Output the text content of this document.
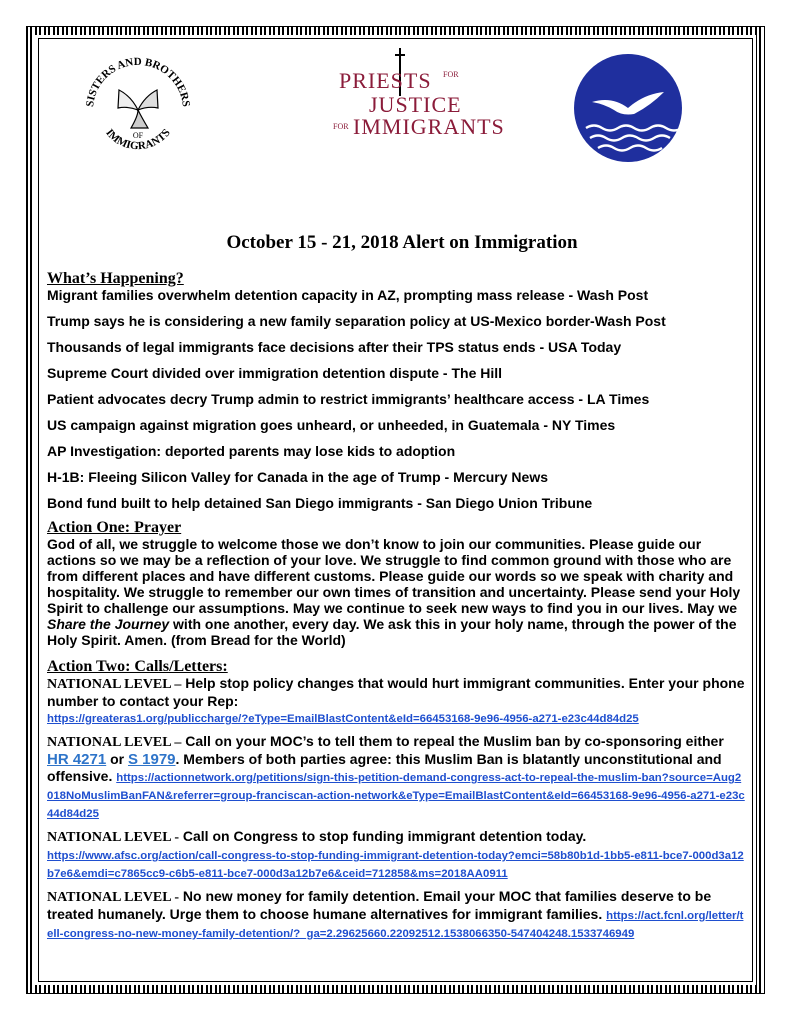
SISTERS AND BROTHERS
IMMIGRANTS
OF
PRIESTS FOR
JUSTICE
FOR IMMIGRANTS
October 15 - 21, 2018 Alert on Immigration
What’s Happening?

Migrant families overwhelm detention capacity in AZ, prompting mass release - Wash Post

Trump says he is considering a new family separation policy at US-Mexico border-Wash Post

Thousands of legal immigrants face decisions after their TPS status ends - USA Today

Supreme Court divided over immigration detention dispute - The Hill

Patient advocates decry Trump admin to restrict immigrants’ healthcare access - LA Times

US campaign against migration goes unheard, or unheeded, in Guatemala - NY Times

AP Investigation: deported parents may lose kids to adoption

H-1B: Fleeing Silicon Valley for Canada in the age of Trump - Mercury News

Bond fund built to help detained San Diego immigrants - San Diego Union Tribune

Action One: Prayer

God of all, we struggle to welcome those we don’t know to join our communities. Please guide our actions so we may be a reflection of your love. We struggle to find common ground with those who are from different places and have different customs. Please guide our words so we speak with charity and hospitality. We struggle to remember our own times of transition and uncertainty. Please send your Holy Spirit to challenge our assumptions. May we continue to seek new ways to find you in our lives. May we Share the Journey with one another, every day. We ask this in your holy name, through the power of the Holy Spirit. Amen. (from Bread for the World)

Action Two: Calls/Letters:

NATIONAL LEVEL – Help stop policy changes that would hurt immigrant communities. Enter your phone number to contact your Rep:
https://greateras1.org/publiccharge/?eType=EmailBlastContent&eId=66453168-9e96-4956-a271-e23c44d84d25

NATIONAL LEVEL – Call on your MOC’s to tell them to repeal the Muslim ban by co-sponsoring either HR 4271 or S 1979. Members of both parties agree: this Muslim Ban is blatantly unconstitutional and offensive. https://actionnetwork.org/petitions/sign-this-petition-demand-congress-act-to-repeal-the-muslim-ban?source=Aug2018NoMuslimBanFAN&referrer=group-franciscan-action-network&eType=EmailBlastContent&eId=66453168-9e96-4956-a271-e23c44d84d25

NATIONAL LEVEL - Call on Congress to stop funding immigrant detention today.
https://www.afsc.org/action/call-congress-to-stop-funding-immigrant-detention-today?emci=58b80b1d-1bb5-e811-bce7-000d3a12b7e6&emdi=c7865cc9-c6b5-e811-bce7-000d3a12b7e6&ceid=712858&ms=2018AA0911

NATIONAL LEVEL - No new money for family detention. Email your MOC that families deserve to be treated humanely. Urge them to choose humane alternatives for immigrant families. https://act.fcnl.org/letter/tell-congress-no-new-money-family-detention/?_ga=2.29625660.22092512.1538066350-547404248.1533746949
